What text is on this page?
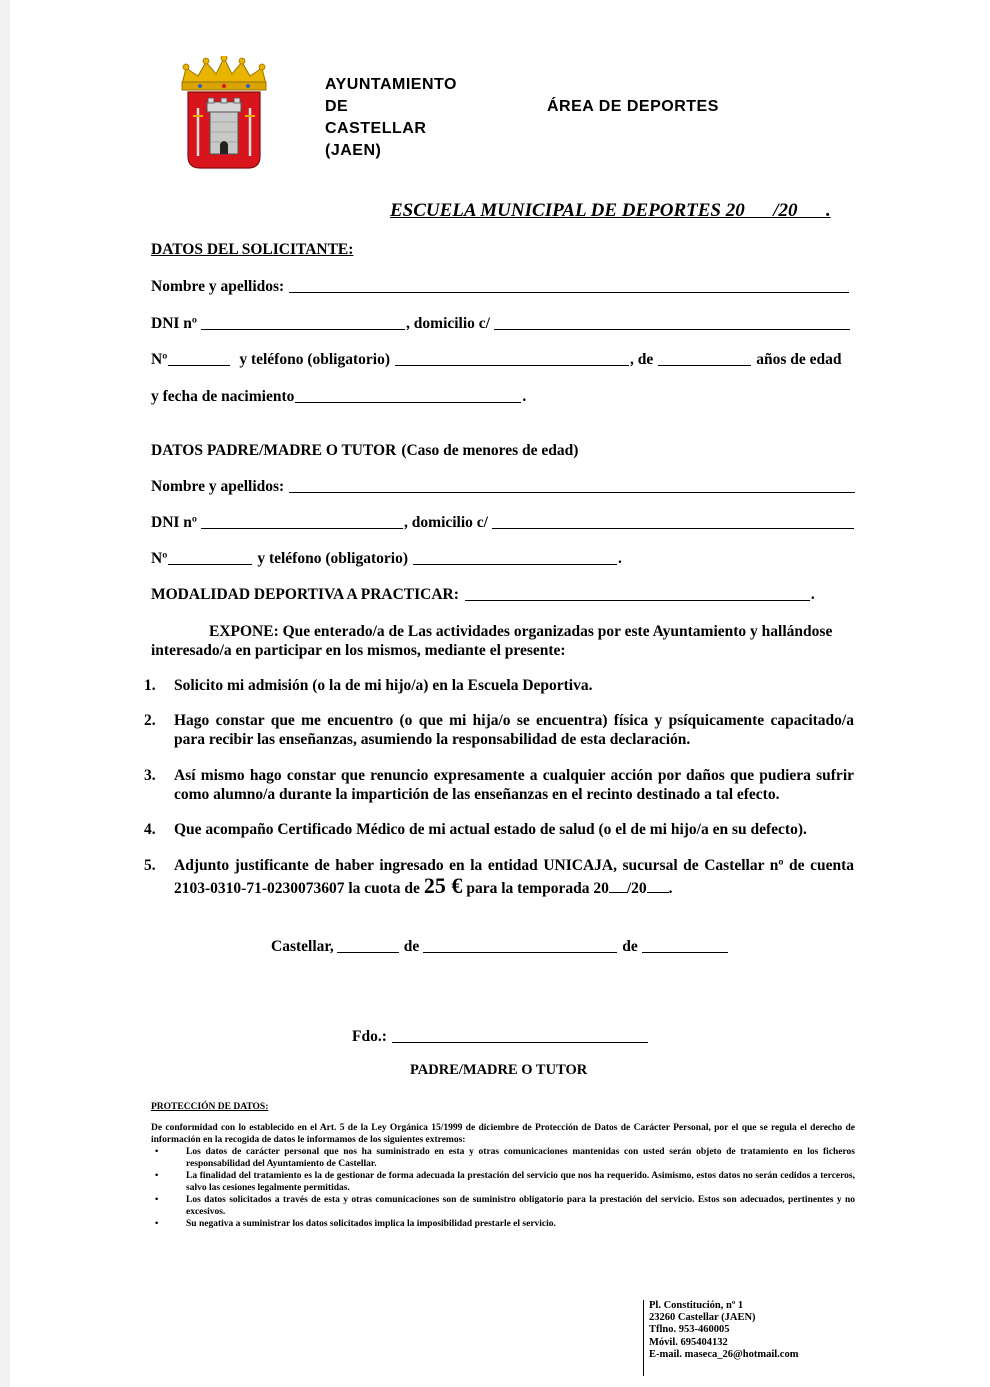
AYUNTAMIENTO
DE
CASTELLAR
(JAEN)
ÁREA DE DEPORTES
ESCUELA MUNICIPAL DE DEPORTES 20      /20      .
DATOS DEL SOLICITANTE:
Nombre y apellidos:
DNI nº	, domicilio c/
Nº	y teléfono (obligatorio)	, de	años de edad
y fecha de nacimiento	.
DATOS PADRE/MADRE O TUTOR (Caso de menores de edad)
Nombre y apellidos:
DNI nº	, domicilio c/
Nº	y teléfono (obligatorio)	.
MODALIDAD DEPORTIVA A PRACTICAR:	.
EXPONE: Que enterado/a de Las actividades organizadas por este Ayuntamiento y hallándose
interesado/a en participar en los mismos, mediante el presente:
1. Solicito mi admisión (o la de mi hijo/a) en la Escuela Deportiva.
2. Hago constar que me encuentro (o que mi hija/o se encuentra) física y psíquicamente capacitado/a para recibir las enseñanzas, asumiendo la responsabilidad de esta declaración.
3. Así mismo hago constar que renuncio expresamente a cualquier acción por daños que pudiera sufrir como alumno/a durante la impartición de las enseñanzas en el recinto destinado a tal efecto.
4. Que acompaño Certificado Médico de mi actual estado de salud (o el de mi hijo/a en su defecto).
5. Adjunto justificante de haber ingresado en la entidad UNICAJA, sucursal de Castellar nº de cuenta
2103-0310-71-0230073607 la cuota de 25 € para la temporada 20 /20 .
Castellar,	de	de
Fdo.:
PADRE/MADRE O TUTOR
PROTECCIÓN DE DATOS:
De conformidad con lo establecido en el Art. 5 de la Ley Orgánica 15/1999 de diciembre de Protección de Datos de Carácter Personal, por el que se regula el derecho de información en la recogida de datos le informamos de los siguientes extremos:
•	Los datos de carácter personal que nos ha suministrado en esta y otras comunicaciones mantenidas con usted serán objeto de tratamiento en los ficheros responsabilidad del Ayuntamiento de Castellar.
•	La finalidad del tratamiento es la de gestionar de forma adecuada la prestación del servicio que nos ha requerido. Asimismo, estos datos no serán cedidos a terceros, salvo las cesiones legalmente permitidas.
•	Los datos solicitados a través de esta y otras comunicaciones son de suministro obligatorio para la prestación del servicio. Estos son adecuados, pertinentes y no excesivos.
•	Su negativa a suministrar los datos solicitados implica la imposibilidad prestarle el servicio.
Pl. Constitución, nº 1
23260 Castellar (JAEN)
Tflno. 953-460005
Móvil. 695404132
E-mail. maseca_26@hotmail.com
